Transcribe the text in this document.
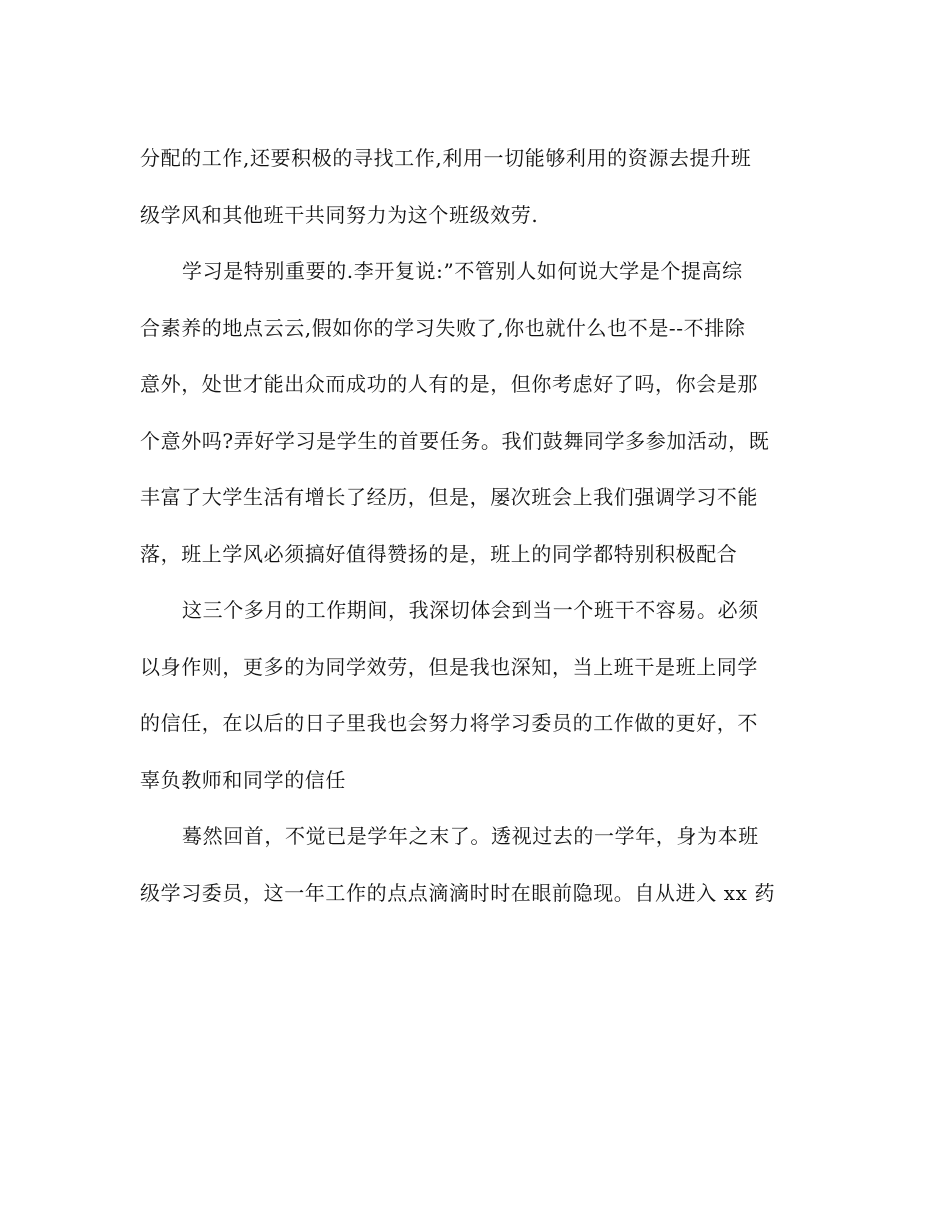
分配的工作,还要积极的寻找工作,利用一切能够利用的资源去提升班
级学风和其他班干共同努力为这个班级效劳.
学习是特别重要的.李开复说:”不管别人如何说大学是个提高综
合素养的地点云云,假如你的学习失败了,你也就什么也不是--不排除
意外，处世才能出众而成功的人有的是，但你考虑好了吗，你会是那
个意外吗?弄好学习是学生的首要任务。我们鼓舞同学多参加活动，既
丰富了大学生活有增长了经历，但是，屡次班会上我们强调学习不能
落，班上学风必须搞好值得赞扬的是，班上的同学都特别积极配合
这三个多月的工作期间，我深切体会到当一个班干不容易。必须
以身作则，更多的为同学效劳，但是我也深知，当上班干是班上同学
的信任，在以后的日子里我也会努力将学习委员的工作做的更好，不
辜负教师和同学的信任
蓦然回首，不觉已是学年之末了。透视过去的一学年，身为本班
级学习委员，这一年工作的点点滴滴时时在眼前隐现。自从进入 xx 药
